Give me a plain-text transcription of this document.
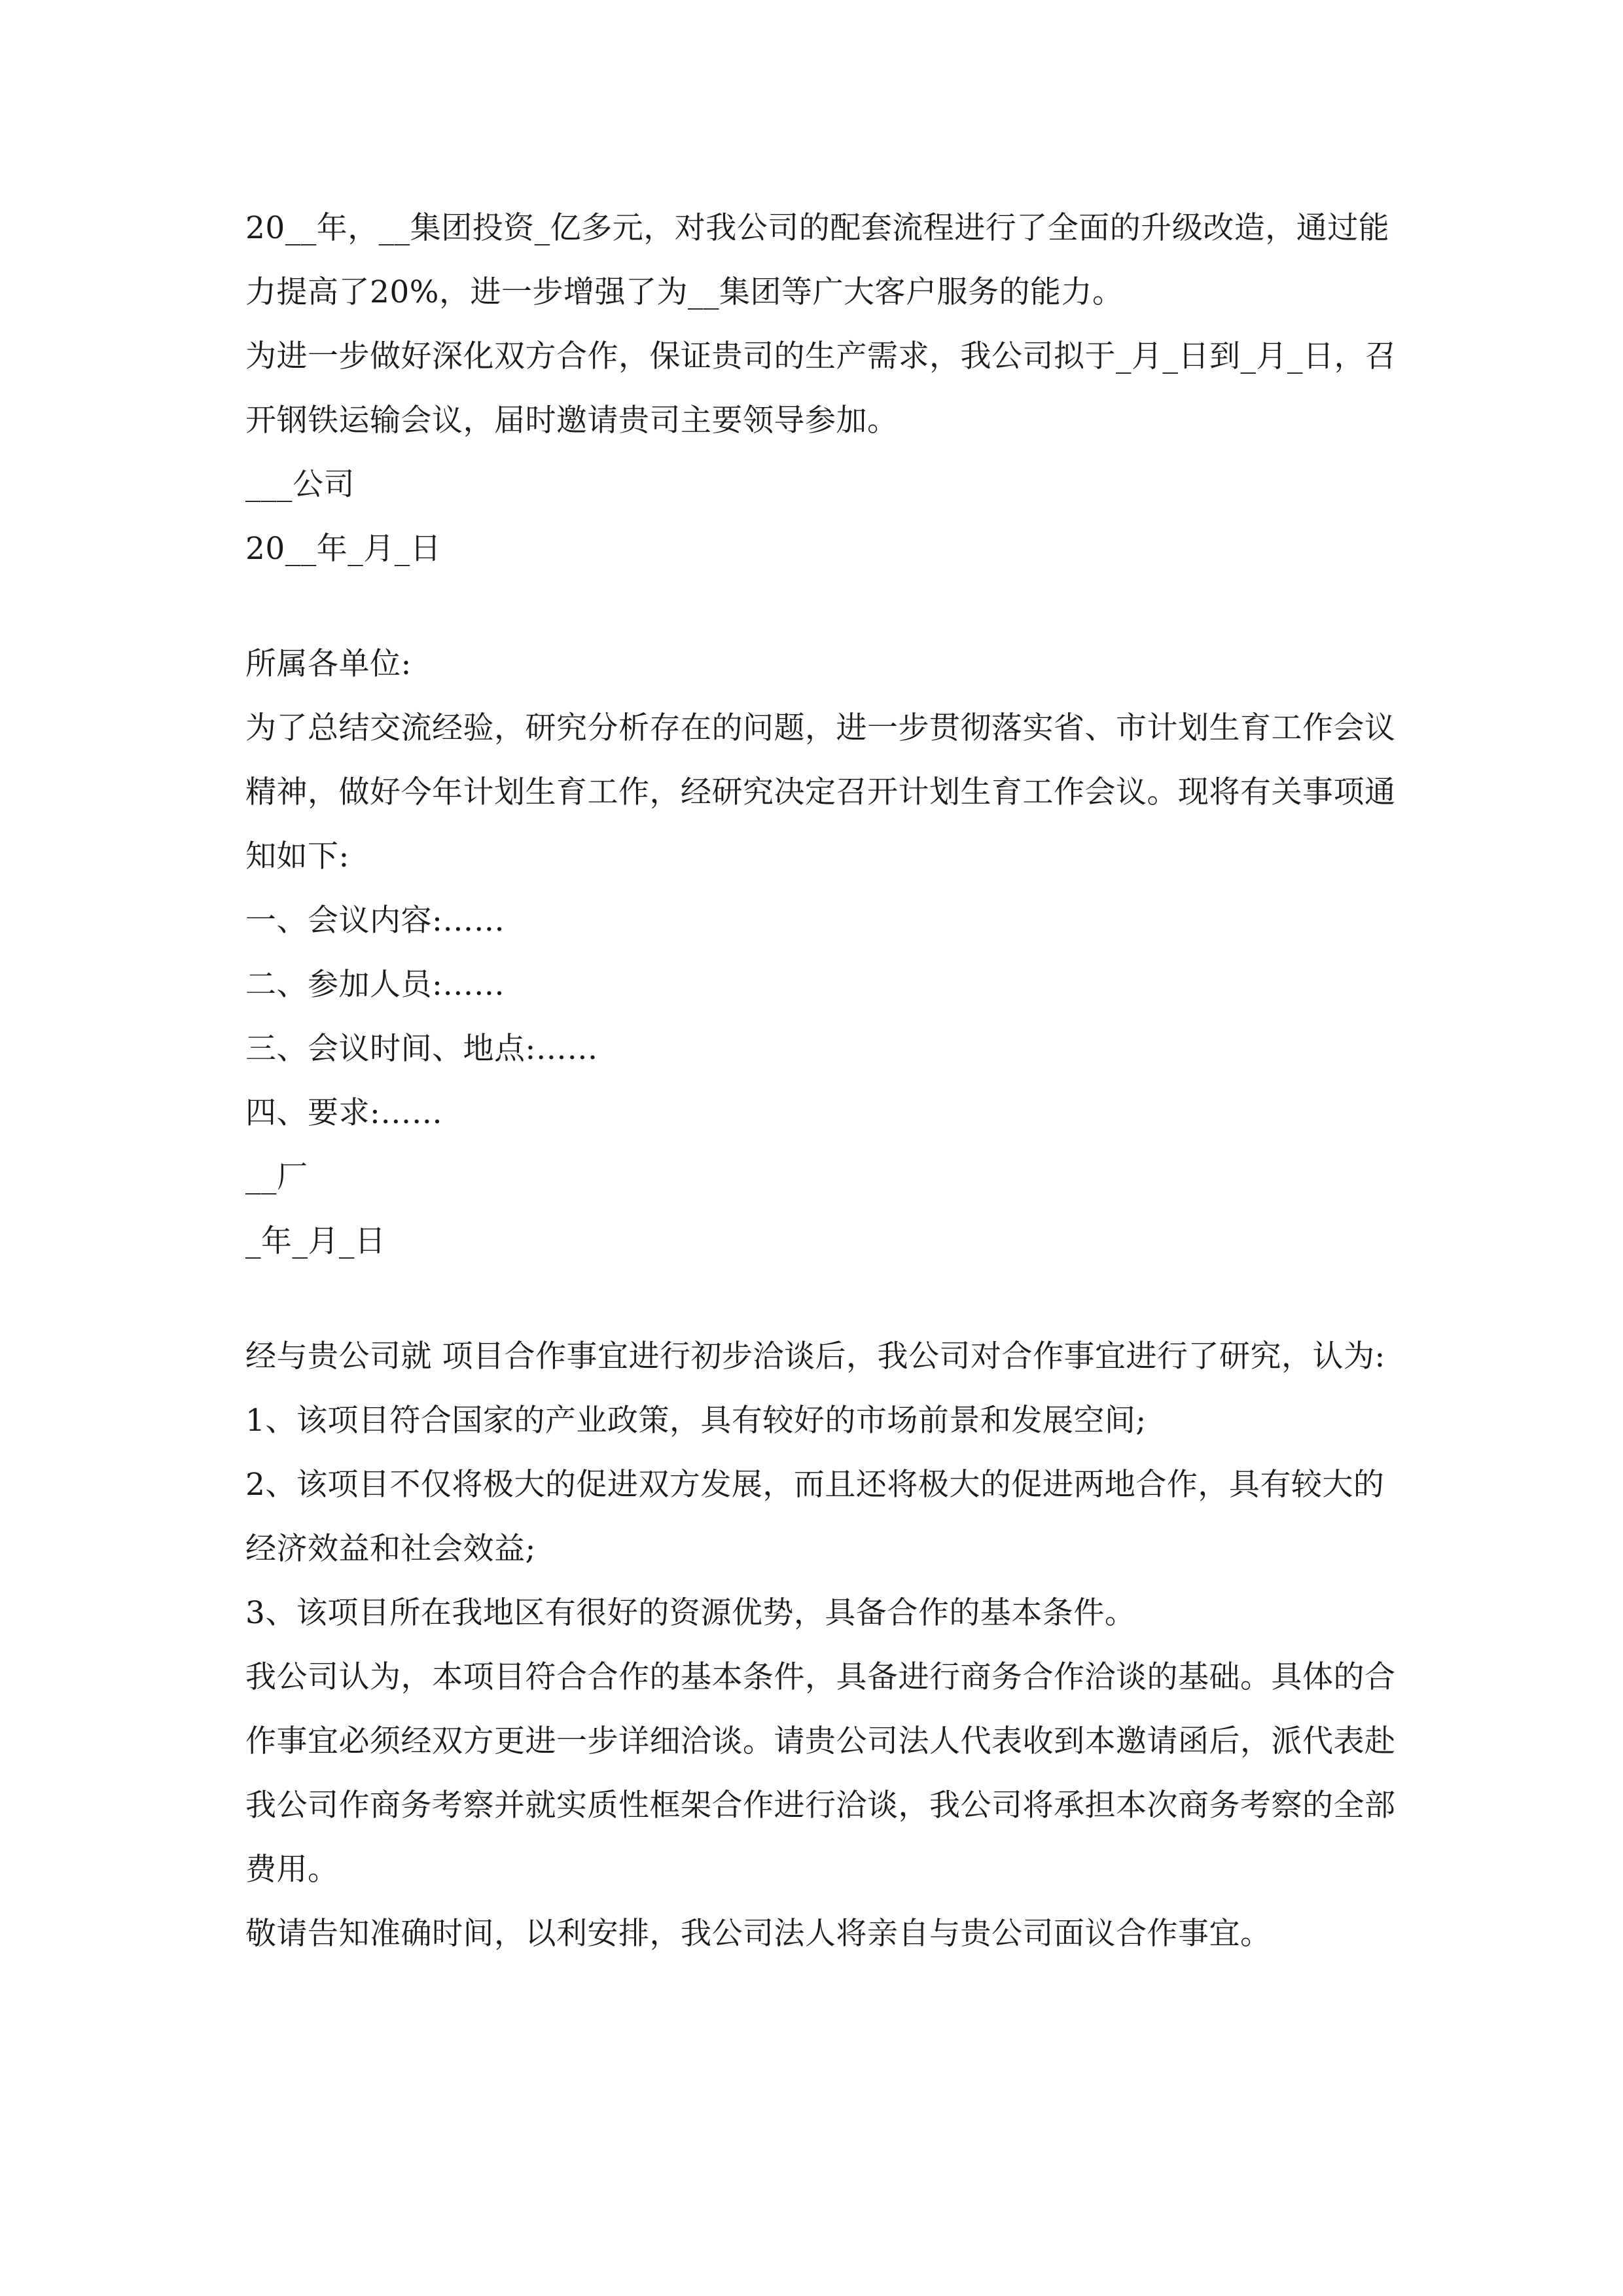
20__年，__集团投资_亿多元，对我公司的配套流程进行了全面的升级改造，通过能力提高了20%，进一步增强了为__集团等广大客户服务的能力。

为进一步做好深化双方合作，保证贵司的生产需求，我公司拟于_月_日到_月_日，召开钢铁运输会议，届时邀请贵司主要领导参加。

___公司

20__年_月_日

所属各单位:

为了总结交流经验，研究分析存在的问题，进一步贯彻落实省、市计划生育工作会议精神，做好今年计划生育工作，经研究决定召开计划生育工作会议。现将有关事项通知如下:

一、会议内容:……

二、参加人员:……

三、会议时间、地点:……

四、要求:……

__厂

_年_月_日

经与贵公司就 项目合作事宜进行初步洽谈后，我公司对合作事宜进行了研究，认为:

1、该项目符合国家的产业政策，具有较好的市场前景和发展空间;

2、该项目不仅将极大的促进双方发展，而且还将极大的促进两地合作，具有较大的经济效益和社会效益;

3、该项目所在我地区有很好的资源优势，具备合作的基本条件。

我公司认为，本项目符合合作的基本条件，具备进行商务合作洽谈的基础。具体的合作事宜必须经双方更进一步详细洽谈。请贵公司法人代表收到本邀请函后，派代表赴我公司作商务考察并就实质性框架合作进行洽谈，我公司将承担本次商务考察的全部费用。

敬请告知准确时间，以利安排，我公司法人将亲自与贵公司面议合作事宜。
